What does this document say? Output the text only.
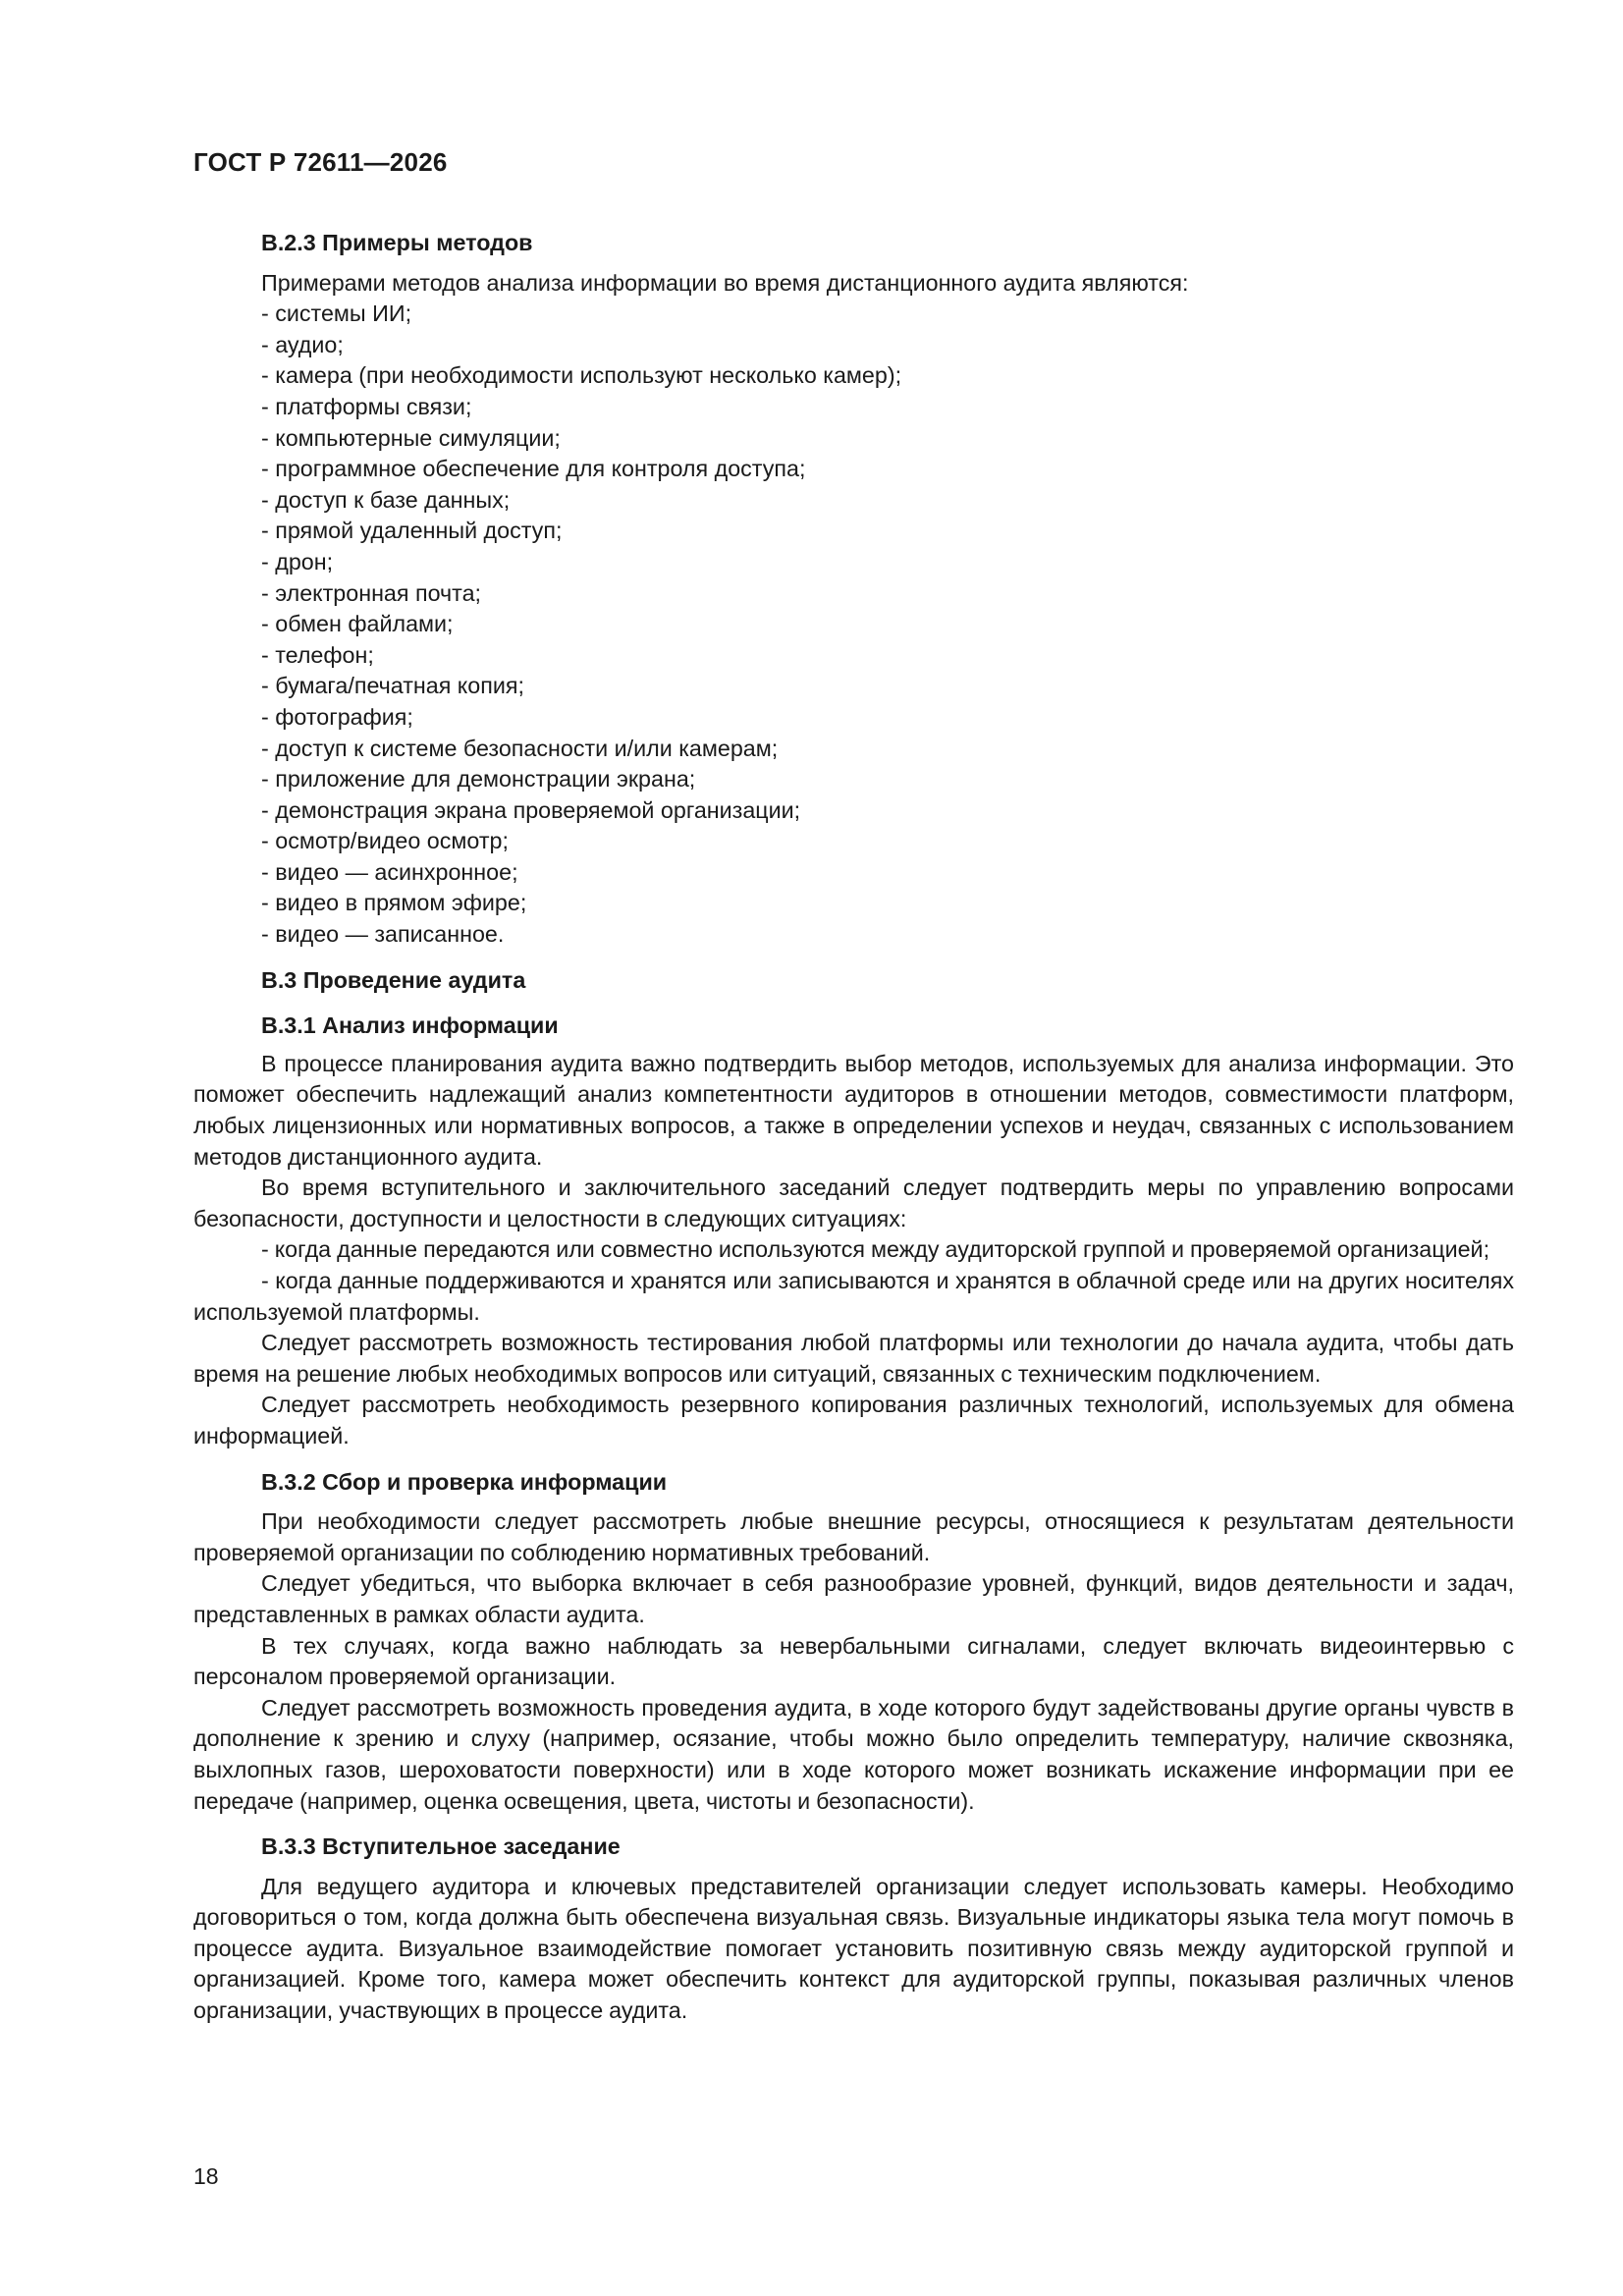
ГОСТ Р 72611—2026

B.2.3 Примеры методов

Примерами методов анализа информации во время дистанционного аудита являются:

- системы ИИ;
- аудио;
- камера (при необходимости используют несколько камер);
- платформы связи;
- компьютерные симуляции;
- программное обеспечение для контроля доступа;
- доступ к базе данных;
- прямой удаленный доступ;
- дрон;
- электронная почта;
- обмен файлами;
- телефон;
- бумага/печатная копия;
- фотография;
- доступ к системе безопасности и/или камерам;
- приложение для демонстрации экрана;
- демонстрация экрана проверяемой организации;
- осмотр/видео осмотр;
- видео — асинхронное;
- видео в прямом эфире;
- видео — записанное.

B.3 Проведение аудита

B.3.1 Анализ информации

В процессе планирования аудита важно подтвердить выбор методов, используемых для анализа информации. Это поможет обеспечить надлежащий анализ компетентности аудиторов в отношении методов, совместимости платформ, любых лицензионных или нормативных вопросов, а также в определении успехов и неудач, связанных с использованием методов дистанционного аудита.

Во время вступительного и заключительного заседаний следует подтвердить меры по управлению вопросами безопасности, доступности и целостности в следующих ситуациях:

- когда данные передаются или совместно используются между аудиторской группой и проверяемой организацией;

- когда данные поддерживаются и хранятся или записываются и хранятся в облачной среде или на других носителях используемой платформы.

Следует рассмотреть возможность тестирования любой платформы или технологии до начала аудита, чтобы дать время на решение любых необходимых вопросов или ситуаций, связанных с техническим подключением.

Следует рассмотреть необходимость резервного копирования различных технологий, используемых для обмена информацией.

B.3.2 Сбор и проверка информации

При необходимости следует рассмотреть любые внешние ресурсы, относящиеся к результатам деятельности проверяемой организации по соблюдению нормативных требований.

Следует убедиться, что выборка включает в себя разнообразие уровней, функций, видов деятельности и задач, представленных в рамках области аудита.

В тех случаях, когда важно наблюдать за невербальными сигналами, следует включать видеоинтервью с персоналом проверяемой организации.

Следует рассмотреть возможность проведения аудита, в ходе которого будут задействованы другие органы чувств в дополнение к зрению и слуху (например, осязание, чтобы можно было определить температуру, наличие сквозняка, выхлопных газов, шероховатости поверхности) или в ходе которого может возникать искажение информации при ее передаче (например, оценка освещения, цвета, чистоты и безопасности).

B.3.3 Вступительное заседание

Для ведущего аудитора и ключевых представителей организации следует использовать камеры. Необходимо договориться о том, когда должна быть обеспечена визуальная связь. Визуальные индикаторы языка тела могут помочь в процессе аудита. Визуальное взаимодействие помогает установить позитивную связь между аудиторской группой и организацией. Кроме того, камера может обеспечить контекст для аудиторской группы, показывая различных членов организации, участвующих в процессе аудита.

18
